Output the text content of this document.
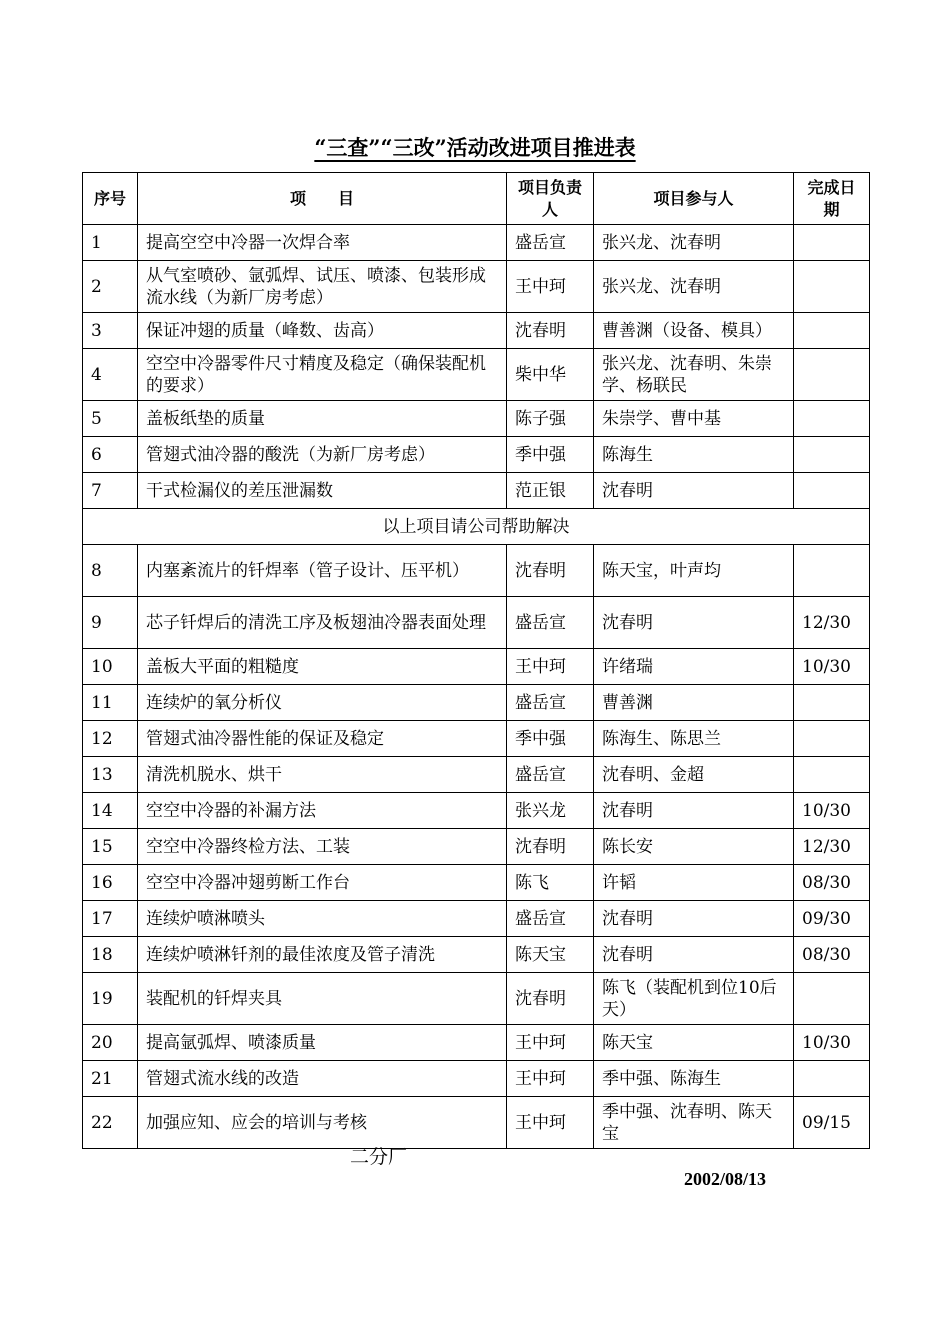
“三查”“三改”活动改进项目推进表
序号	项　　目	项目负责人	项目参与人	完成日期
1	提高空空中冷器一次焊合率	盛岳宣	张兴龙、沈春明	
2	从气室喷砂、氩弧焊、试压、喷漆、包装形成流水线（为新厂房考虑）	王中珂	张兴龙、沈春明	
3	保证冲翅的质量（峰数、齿高）	沈春明	曹善渊（设备、模具）	
4	空空中冷器零件尺寸精度及稳定（确保装配机的要求）	柴中华	张兴龙、沈春明、朱崇学、杨联民	
5	盖板纸垫的质量	陈子强	朱崇学、曹中基	
6	管翅式油冷器的酸洗（为新厂房考虑）	季中强	陈海生	
7	干式检漏仪的差压泄漏数	范正银	沈春明	
以上项目请公司帮助解决				
8	内塞紊流片的钎焊率（管子设计、压平机）	沈春明	陈天宝，叶声均	
9	芯子钎焊后的清洗工序及板翅油冷器表面处理	盛岳宣	沈春明	12/30
10	盖板大平面的粗糙度	王中珂	许绪瑞	10/30
11	连续炉的氧分析仪	盛岳宣	曹善渊	
12	管翅式油冷器性能的保证及稳定	季中强	陈海生、陈思兰	
13	清洗机脱水、烘干	盛岳宣	沈春明、金超	
14	空空中冷器的补漏方法	张兴龙	沈春明	10/30
15	空空中冷器终检方法、工装	沈春明	陈长安	12/30
16	空空中冷器冲翅剪断工作台	陈飞	许韬	08/30
17	连续炉喷淋喷头	盛岳宣	沈春明	09/30
18	连续炉喷淋钎剂的最佳浓度及管子清洗	陈天宝	沈春明	08/30
19	装配机的钎焊夹具	沈春明	陈飞（装配机到位10后天）	
20	提高氩弧焊、喷漆质量	王中珂	陈天宝	10/30
21	管翅式流水线的改造	王中珂	季中强、陈海生	
22	加强应知、应会的培训与考核	王中珂	季中强、沈春明、陈天宝	09/15
二分厂
2002/08/13
